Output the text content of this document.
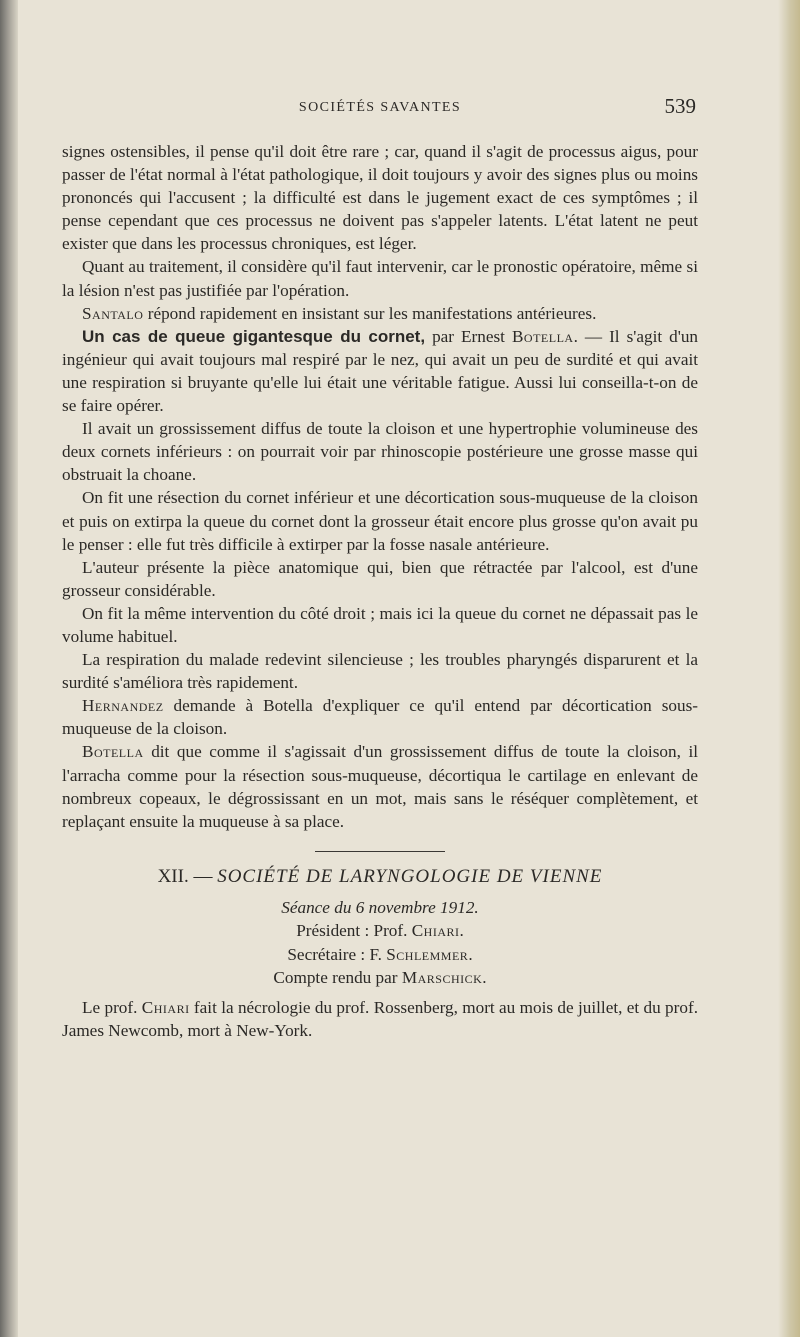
SOCIÉTÉS SAVANTES	539

signes ostensibles, il pense qu'il doit être rare ; car, quand il s'agit de processus aigus, pour passer de l'état normal à l'état pathologique, il doit toujours y avoir des signes plus ou moins prononcés qui l'accusent ; la difficulté est dans le jugement exact de ces symptômes ; il pense cependant que ces processus ne doivent pas s'appeler latents. L'état latent ne peut exister que dans les processus chroniques, est léger.

Quant au traitement, il considère qu'il faut intervenir, car le pronostic opératoire, même si la lésion n'est pas justifiée par l'opération.

Santalo répond rapidement en insistant sur les manifestations antérieures.

Un cas de queue gigantesque du cornet, par Ernest Botella. — Il s'agit d'un ingénieur qui avait toujours mal respiré par le nez, qui avait un peu de surdité et qui avait une respiration si bruyante qu'elle lui était une véritable fatigue. Aussi lui conseilla-t-on de se faire opérer.

Il avait un grossissement diffus de toute la cloison et une hypertrophie volumineuse des deux cornets inférieurs : on pourrait voir par rhinoscopie postérieure une grosse masse qui obstruait la choane.

On fit une résection du cornet inférieur et une décortication sous-muqueuse de la cloison et puis on extirpa la queue du cornet dont la grosseur était encore plus grosse qu'on avait pu le penser : elle fut très difficile à extirper par la fosse nasale antérieure.

L'auteur présente la pièce anatomique qui, bien que rétractée par l'alcool, est d'une grosseur considérable.

On fit la même intervention du côté droit ; mais ici la queue du cornet ne dépassait pas le volume habituel.

La respiration du malade redevint silencieuse ; les troubles pharyngés disparurent et la surdité s'améliora très rapidement.

Hernandez demande à Botella d'expliquer ce qu'il entend par décortication sous-muqueuse de la cloison.

Botella dit que comme il s'agissait d'un grossissement diffus de toute la cloison, il l'arracha comme pour la résection sous-muqueuse, décortiqua le cartilage en enlevant de nombreux copeaux, le dégrossissant en un mot, mais sans le réséquer complètement, et replaçant ensuite la muqueuse à sa place.

XII. — SOCIÉTÉ DE LARYNGOLOGIE DE VIENNE

Séance du 6 novembre 1912.

Président : Prof. Chiari.

Secrétaire : F. Schlemmer.

Compte rendu par Marschick.

Le prof. Chiari fait la nécrologie du prof. Rossenberg, mort au mois de juillet, et du prof. James Newcomb, mort à New-York.
